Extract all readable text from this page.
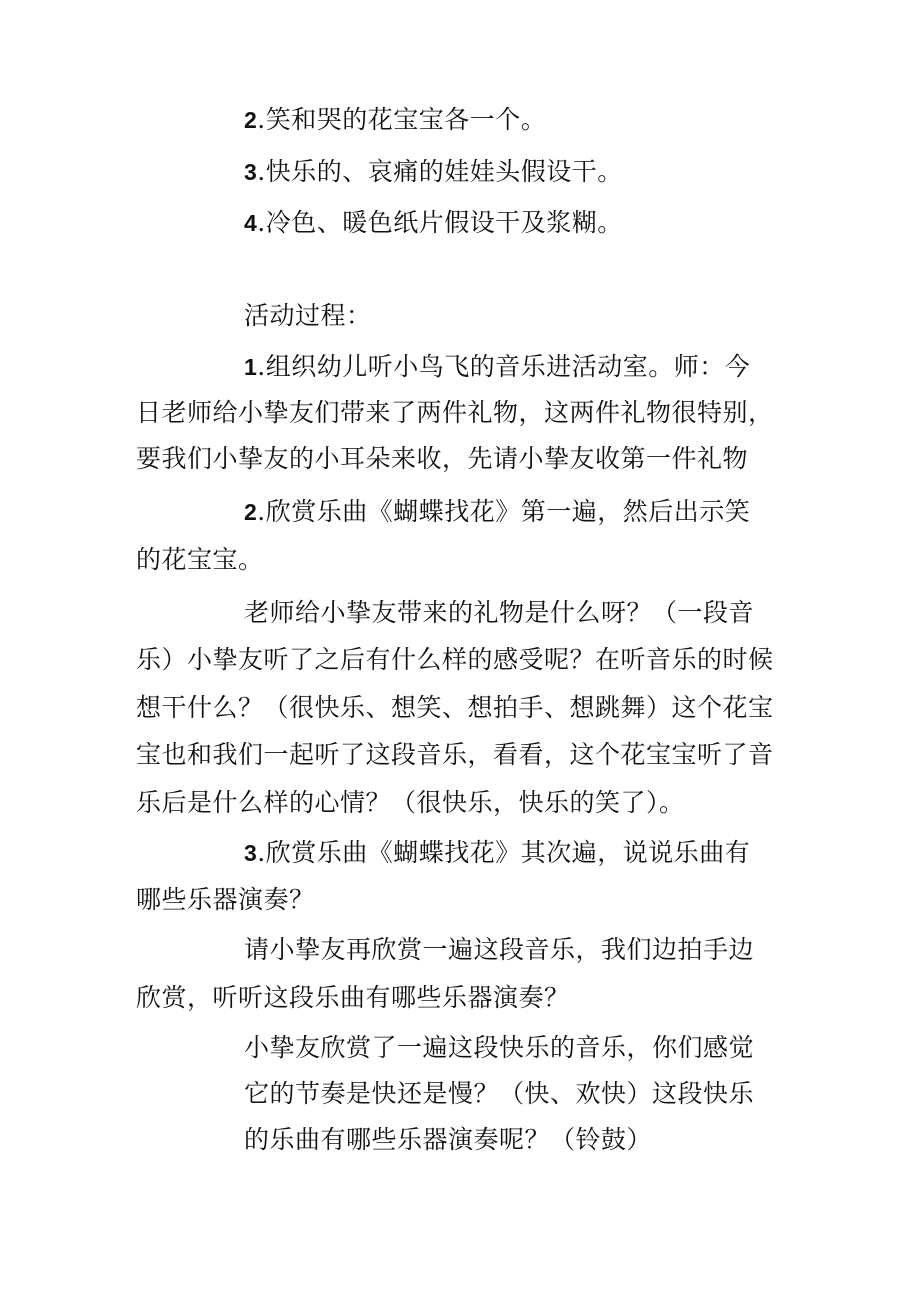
2.笑和哭的花宝宝各一个。
3.快乐的、哀痛的娃娃头假设干。
4.冷色、暖色纸片假设干及浆糊。
活动过程：
1.组织幼儿听小鸟飞的音乐进活动室。师：今
日老师给小挚友们带来了两件礼物，这两件礼物很特别，
要我们小挚友的小耳朵来收，先请小挚友收第一件礼物
2.欣赏乐曲《蝴蝶找花》第一遍，然后出示笑
的花宝宝。
老师给小挚友带来的礼物是什么呀？（一段音
乐）小挚友听了之后有什么样的感受呢？在听音乐的时候
想干什么？（很快乐、想笑、想拍手、想跳舞）这个花宝
宝也和我们一起听了这段音乐，看看，这个花宝宝听了音
乐后是什么样的心情？（很快乐，快乐的笑了）。
3.欣赏乐曲《蝴蝶找花》其次遍，说说乐曲有
哪些乐器演奏？
请小挚友再欣赏一遍这段音乐，我们边拍手边
欣赏，听听这段乐曲有哪些乐器演奏？
小挚友欣赏了一遍这段快乐的音乐，你们感觉
它的节奏是快还是慢？（快、欢快）这段快乐
的乐曲有哪些乐器演奏呢？（铃鼓）
